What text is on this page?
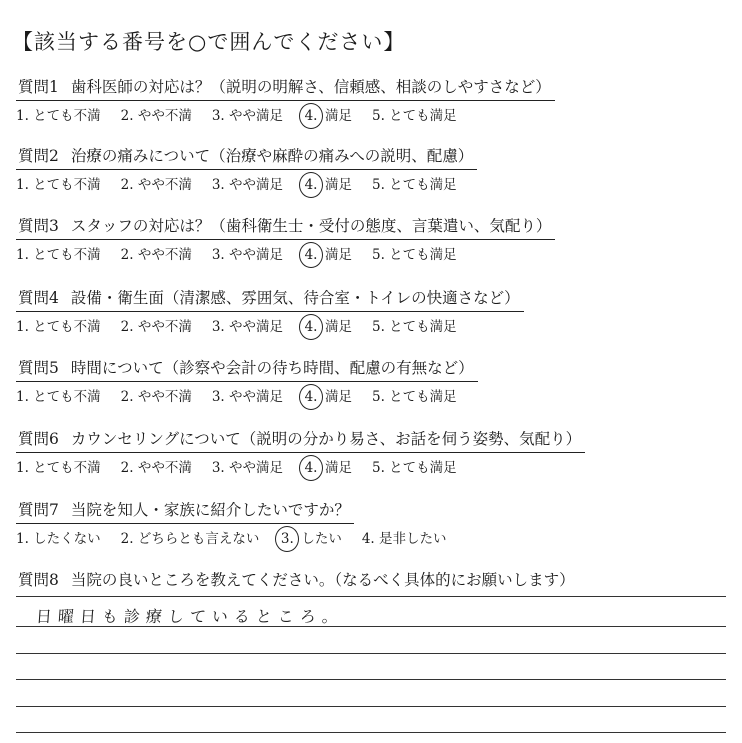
【該当する番号を○で囲んでください】
質問1 歯科医師の対応は？（説明の明解さ、信頼感、相談のしやすさなど）
1. とても不満 2. やや不満 3. やや満足	4. 満足 5. とても満足
質問2 治療の痛みについて（治療や麻酔の痛みへの説明、配慮）
1. とても不満 2. やや不満 3. やや満足	4. 満足 5. とても満足
質問3 スタッフの対応は？（歯科衛生士・受付の態度、言葉遣い、気配り）
1. とても不満 2. やや不満 3. やや満足	4. 満足 5. とても満足
質問4 設備・衛生面（清潔感、雰囲気、待合室・トイレの快適さなど）
1. とても不満 2. やや不満 3. やや満足	4. 満足 5. とても満足
質問5 時間について（診察や会計の待ち時間、配慮の有無など）
1. とても不満 2. やや不満 3. やや満足	4. 満足 5. とても満足
質問6 カウンセリングについて（説明の分かり易さ、お話を伺う姿勢、気配り）
1. とても不満 2. やや不満 3. やや満足	4. 満足 5. とても満足
質問7 当院を知人・家族に紹介したいですか？
1. したくない 2. どちらとも言えない	3. したい 4. 是非したい
質問8 当院の良いところを教えてください。（なるべく具体的にお願いします）
日曜日も診療しているところ。
